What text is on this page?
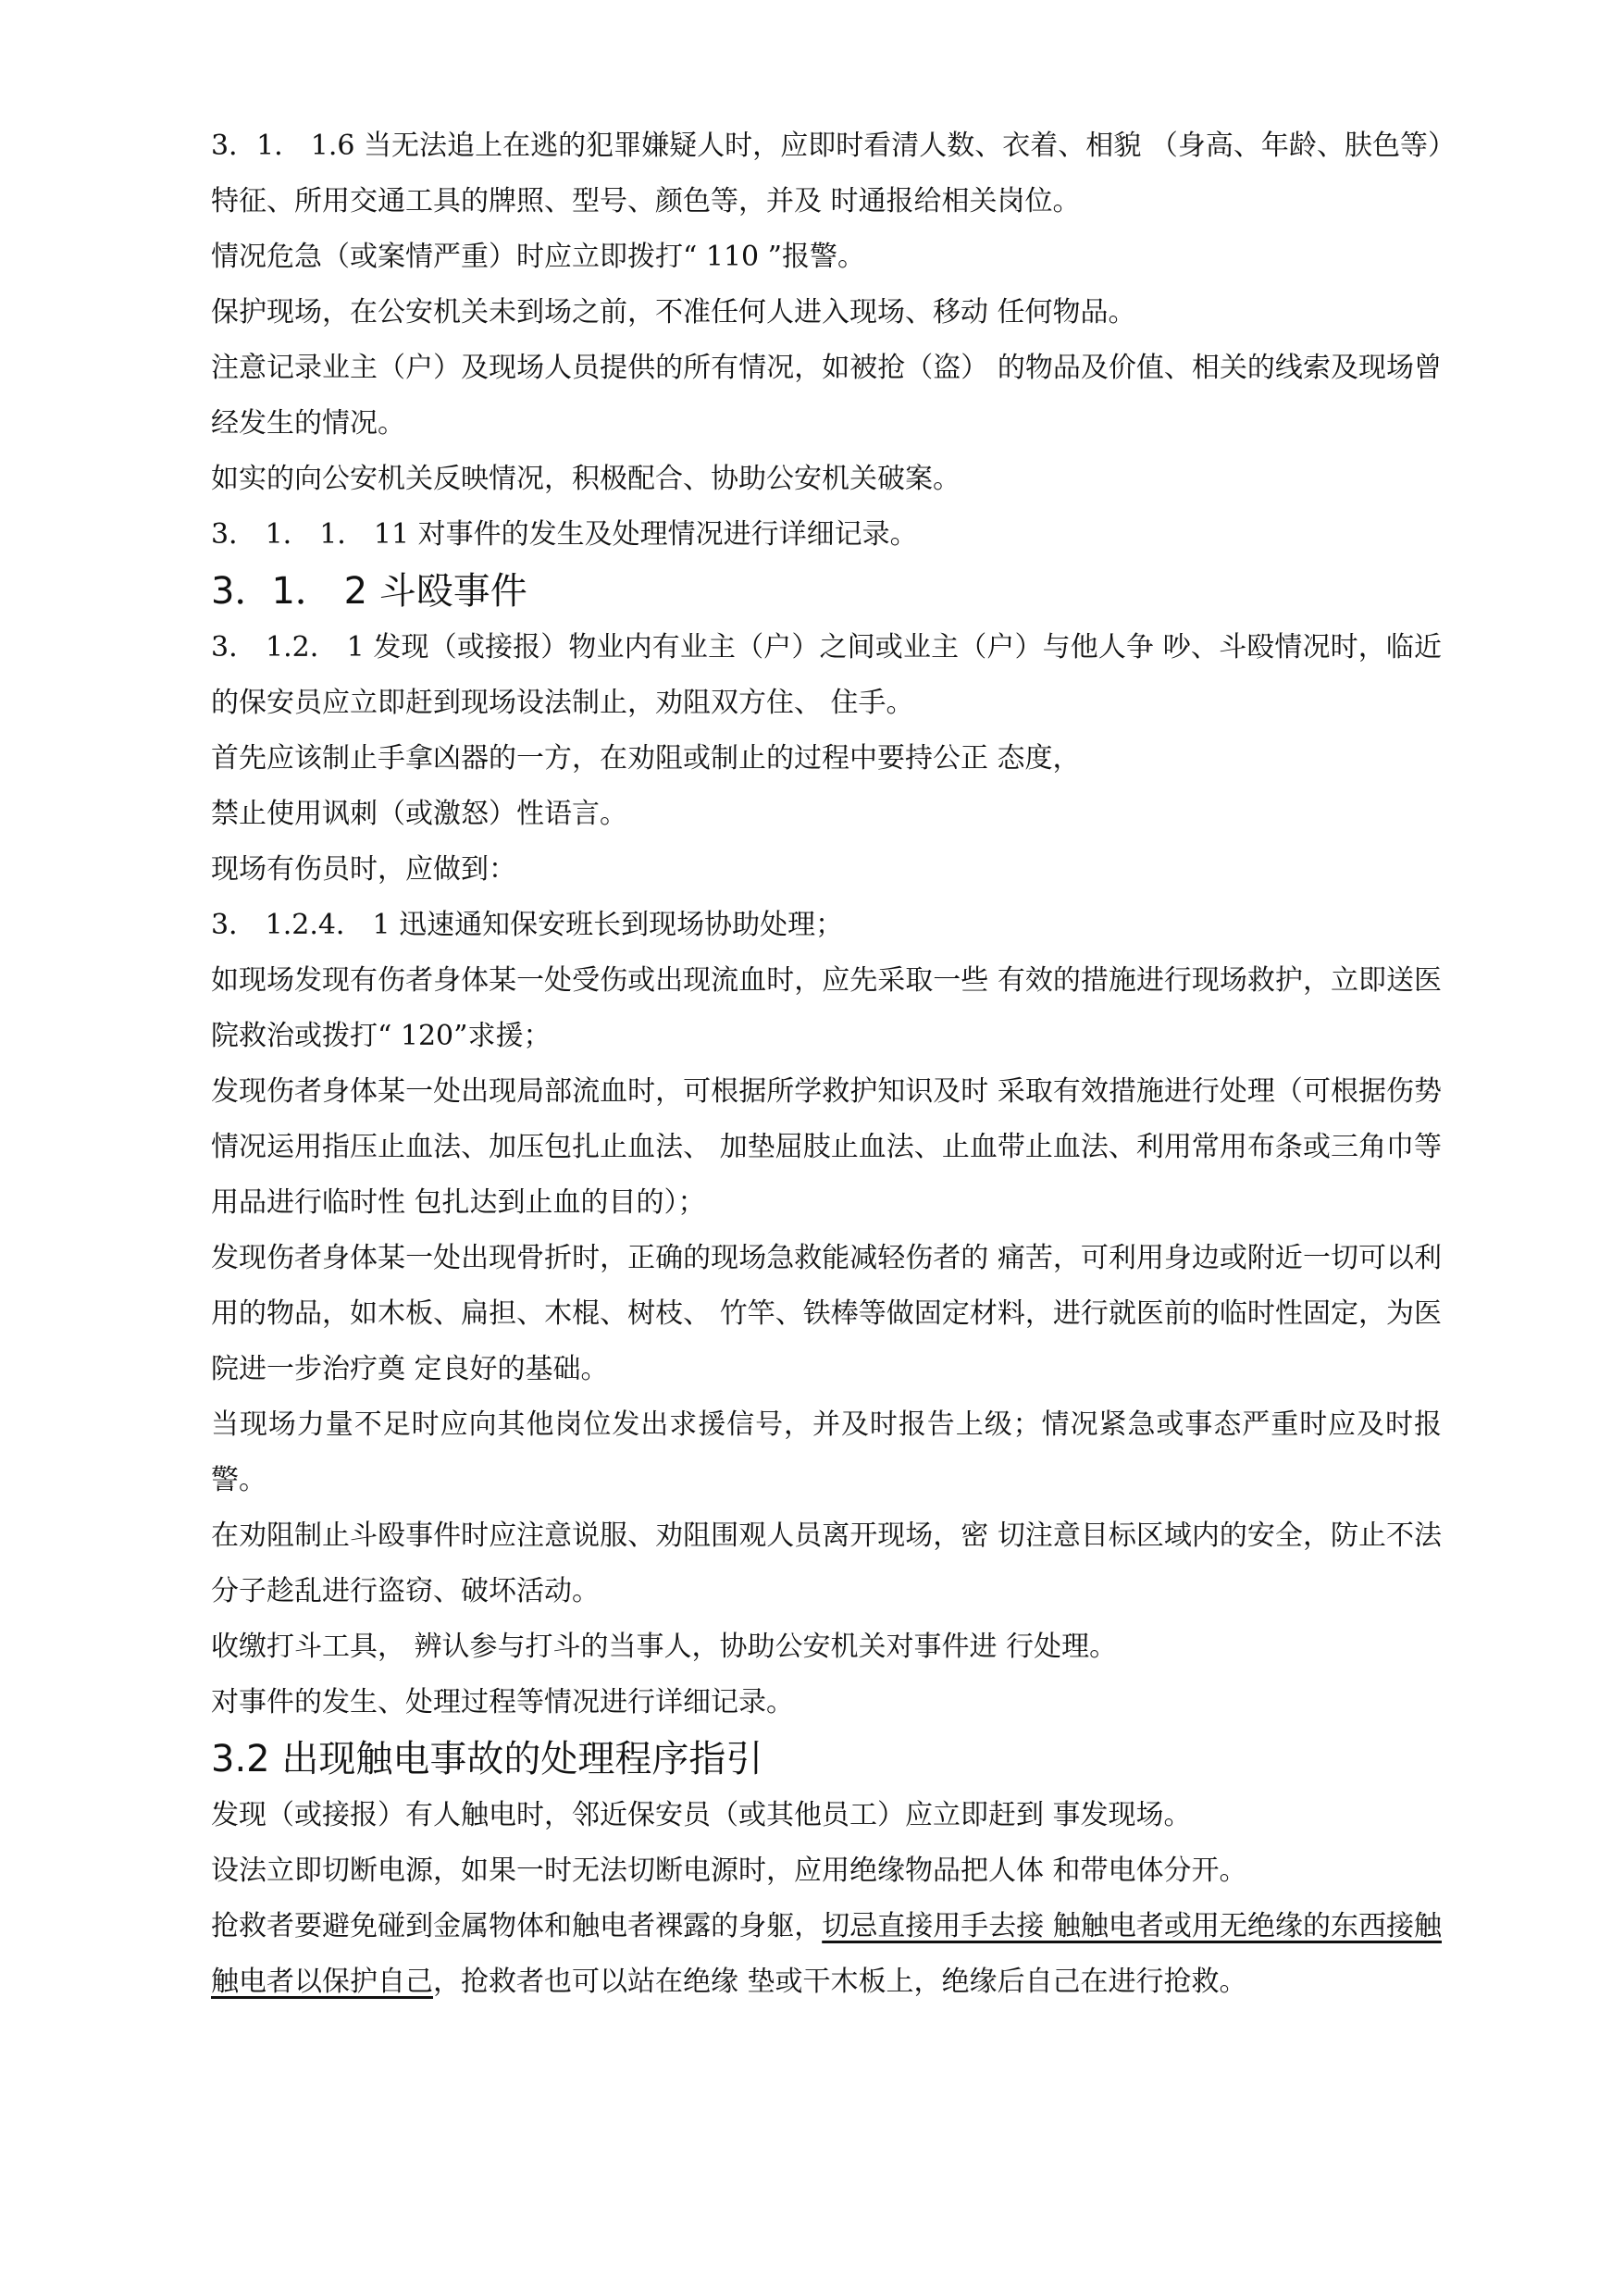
3．1． 1.6 当无法追上在逃的犯罪嫌疑人时，应即时看清人数、衣着、相貌 （身高、年龄、肤色等）特征、所用交通工具的牌照、型号、颜色等，并及 时通报给相关岗位。

情况危急（或案情严重）时应立即拨打“ 110 ”报警。

保护现场，在公安机关未到场之前，不准任何人进入现场、移动 任何物品。

注意记录业主（户）及现场人员提供的所有情况，如被抢（盗） 的物品及价值、相关的线索及现场曾经发生的情况。

如实的向公安机关反映情况，积极配合、协助公安机关破案。

3． 1． 1． 11 对事件的发生及处理情况进行详细记录。

3．1． 2 斗殴事件

3． 1.2． 1 发现（或接报）物业内有业主（户）之间或业主（户）与他人争 吵、斗殴情况时，临近的保安员应立即赶到现场设法制止，劝阻双方住、 住手。

首先应该制止手拿凶器的一方，在劝阻或制止的过程中要持公正 态度，

禁止使用讽刺（或激怒）性语言。

现场有伤员时，应做到：

3． 1.2.4． 1 迅速通知保安班长到现场协助处理；

如现场发现有伤者身体某一处受伤或出现流血时，应先采取一些 有效的措施进行现场救护，立即送医院救治或拨打“ 120”求援；

发现伤者身体某一处出现局部流血时，可根据所学救护知识及时 采取有效措施进行处理（可根据伤势情况运用指压止血法、加压包扎止血法、 加垫屈肢止血法、止血带止血法、利用常用布条或三角巾等用品进行临时性 包扎达到止血的目的）；

发现伤者身体某一处出现骨折时，正确的现场急救能减轻伤者的 痛苦，可利用身边或附近一切可以利用的物品，如木板、扁担、木棍、树枝、 竹竿、铁棒等做固定材料，进行就医前的临时性固定，为医院进一步治疗奠 定良好的基础。

当现场力量不足时应向其他岗位发出求援信号，并及时报告上级；情况紧急或事态严重时应及时报警。

在劝阻制止斗殴事件时应注意说服、劝阻围观人员离开现场，密 切注意目标区域内的安全，防止不法分子趁乱进行盗窃、破坏活动。

收缴打斗工具， 辨认参与打斗的当事人，协助公安机关对事件进 行处理。

对事件的发生、处理过程等情况进行详细记录。

3.2 出现触电事故的处理程序指引

发现（或接报）有人触电时，邻近保安员（或其他员工）应立即赶到 事发现场。

设法立即切断电源，如果一时无法切断电源时，应用绝缘物品把人体 和带电体分开。

抢救者要避免碰到金属物体和触电者裸露的身躯，切忌直接用手去接 触触电者或用无绝缘的东西接触触电者以保护自己，抢救者也可以站在绝缘 垫或干木板上，绝缘后自己在进行抢救。
